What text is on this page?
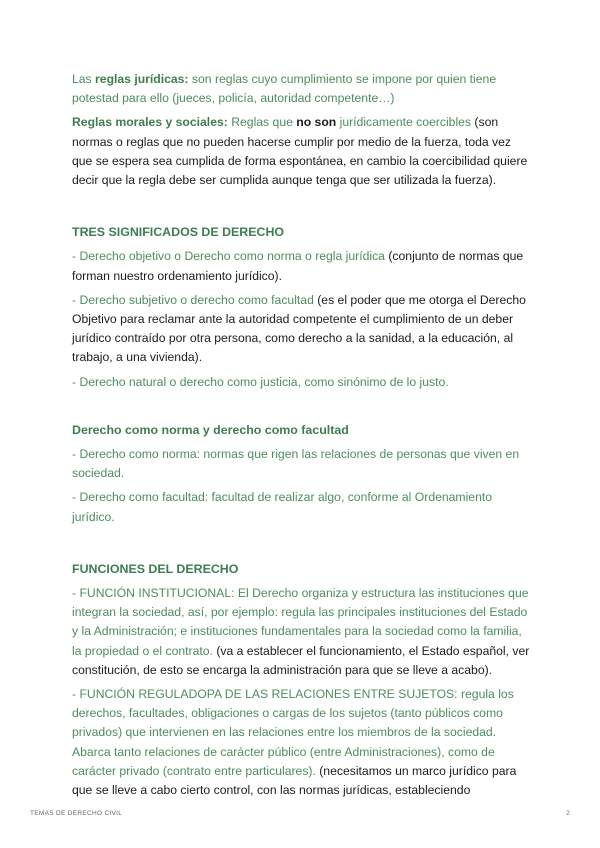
Las reglas jurídicas: son reglas cuyo cumplimiento se impone por quien tiene potestad para ello (jueces, policía, autoridad competente…)

Reglas morales y sociales: Reglas que no son jurídicamente coercibles (son normas o reglas que no pueden hacerse cumplir por medio de la fuerza, toda vez que se espera sea cumplida de forma espontánea, en cambio la coercibilidad quiere decir que la regla debe ser cumplida aunque tenga que ser utilizada la fuerza).

TRES SIGNIFICADOS DE DERECHO

- Derecho objetivo o Derecho como norma o regla jurídica (conjunto de normas que forman nuestro ordenamiento jurídico).

- Derecho subjetivo o derecho como facultad (es el poder que me otorga el Derecho Objetivo para reclamar ante la autoridad competente el cumplimiento de un deber jurídico contraído por otra persona, como derecho a la sanidad, a la educación, al trabajo, a una vivienda).

- Derecho natural o derecho como justicia, como sinónimo de lo justo.

Derecho como norma y derecho como facultad

- Derecho como norma: normas que rigen las relaciones de personas que viven en sociedad.

- Derecho como facultad: facultad de realizar algo, conforme al Ordenamiento jurídico.

FUNCIONES DEL DERECHO

- FUNCIÓN INSTITUCIONAL: El Derecho organiza y estructura las instituciones que integran la sociedad, así, por ejemplo: regula las principales instituciones del Estado y la Administración; e instituciones fundamentales para la sociedad como la familia, la propiedad o el contrato. (va a establecer el funcionamiento, el Estado español, ver constitución, de esto se encarga la administración para que se lleve a acabo).

- FUNCIÓN REGULADOPA DE LAS RELACIONES ENTRE SUJETOS: regula los derechos, facultades, obligaciones o cargas de los sujetos (tanto públicos como privados) que intervienen en las relaciones entre los miembros de la sociedad. Abarca tanto relaciones de carácter público (entre Administraciones), como de carácter privado (contrato entre particulares). (necesitamos un marco jurídico para que se lleve a cabo cierto control, con las normas jurídicas, estableciendo

TEMAS DE DERECHO CIVIL	2
